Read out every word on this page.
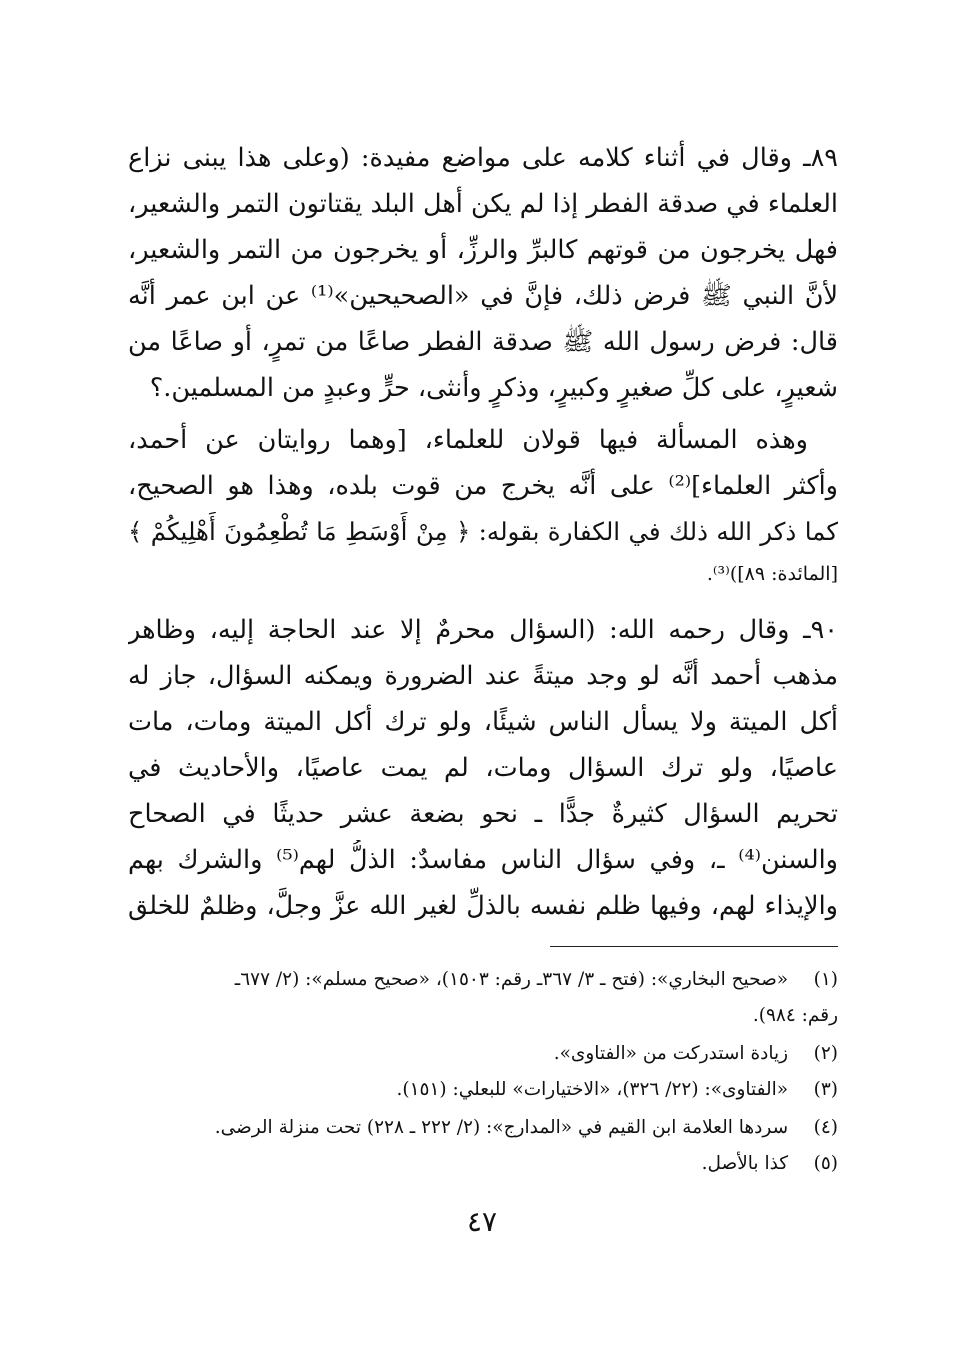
٨٩ـ وقال في أثناء كلامه على مواضع مفيدة: (وعلى هذا يبنى نزاع
العلماء في صدقة الفطر إذا لم يكن أهل البلد يقتاتون التمر والشعير،
فهل يخرجون من قوتهم كالبرِّ والرزِّ، أو يخرجون من التمر والشعير،
لأنَّ النبي ﷺ فرض ذلك، فإنَّ في «الصحيحين»⁽¹⁾ عن ابن عمر أنَّه
قال: فرض رسول الله ﷺ صدقة الفطر صاعًا من تمرٍ، أو صاعًا من
شعيرٍ، على كلِّ صغيرٍ وكبيرٍ، وذكرٍ وأنثى، حرٍّ وعبدٍ من المسلمين.؟
وهذه المسألة فيها قولان للعلماء، [وهما روايتان عن أحمد،
وأكثر العلماء]⁽²⁾ على أنَّه يخرج من قوت بلده، وهذا هو الصحيح،
كما ذكر الله ذلك في الكفارة بقوله: ﴿ مِنْ أَوْسَطِ مَا تُطْعِمُونَ أَهْلِيكُمْ ﴾
[المائدة: ٨٩])⁽³⁾.
٩٠ـ وقال رحمه الله: (السؤال محرمٌ إلا عند الحاجة إليه، وظاهر
مذهب أحمد أنَّه لو وجد ميتةً عند الضرورة ويمكنه السؤال، جاز له
أكل الميتة ولا يسأل الناس شيئًا، ولو ترك أكل الميتة ومات، مات
عاصيًا، ولو ترك السؤال ومات، لم يمت عاصيًا، والأحاديث في
تحريم السؤال كثيرةٌ جدًّا ـ نحو بضعة عشر حديثًا في الصحاح
والسنن⁽⁴⁾ ـ، وفي سؤال الناس مفاسدٌ: الذلُّ لهم⁽⁵⁾ والشرك بهم
والإيذاء لهم، وفيها ظلم نفسه بالذلِّ لغير الله عزَّ وجلَّ، وظلمٌ للخلق
(١) «صحيح البخاري»: (فتح ـ ٣/ ٣٦٧ـ رقم: ١٥٠٣)، «صحيح مسلم»: (٢/ ٦٧٧ـ
رقم: ٩٨٤).
(٢) زيادة استدركت من «الفتاوى».
(٣) «الفتاوى»: (٢٢/ ٣٢٦)، «الاختيارات» للبعلي: (١٥١).
(٤) سردها العلامة ابن القيم في «المدارج»: (٢/ ٢٢٢ ـ ٢٢٨) تحت منزلة الرضى.
(٥) كذا بالأصل.
٤٧
